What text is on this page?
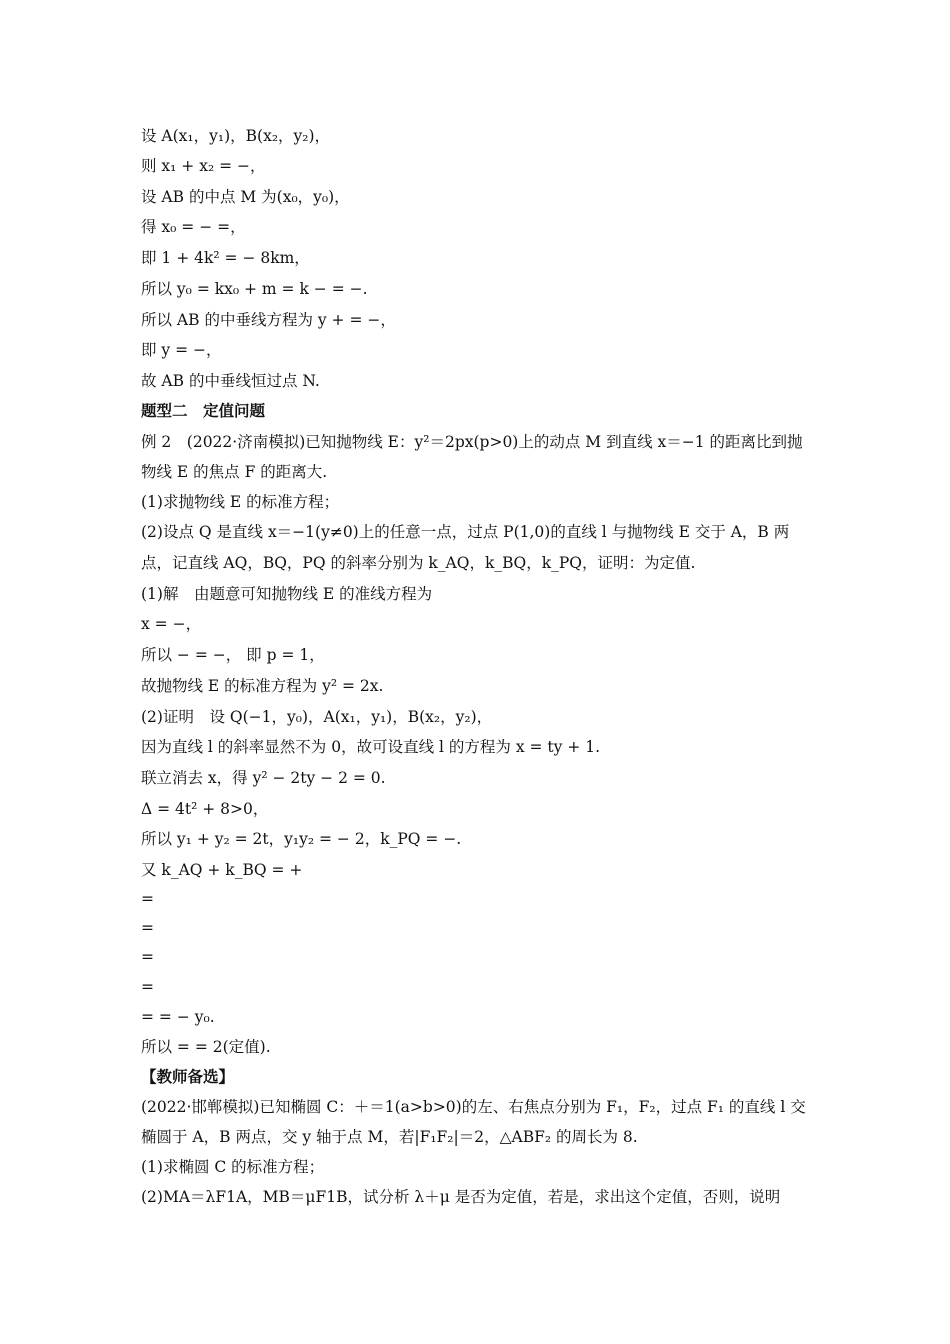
设 A(x₁，y₁)，B(x₂，y₂)，
则 x₁ + x₂ = −，
设 AB 的中点 M 为(x₀，y₀)，
得 x₀ = − =，
即 1 + 4k² = − 8km，
所以 y₀ = kx₀ + m = k − = −.
所以 AB 的中垂线方程为 y + = −，
即 y = −，
故 AB 的中垂线恒过点 N.
题型二　定值问题
例 2　(2022·济南模拟)已知抛物线 E：y²＝2px(p>0)上的动点 M 到直线 x＝−1 的距离比到抛
物线 E 的焦点 F 的距离大.
(1)求抛物线 E 的标准方程；
(2)设点 Q 是直线 x＝−1(y≠0)上的任意一点，过点 P(1,0)的直线 l 与抛物线 E 交于 A，B 两
点，记直线 AQ，BQ，PQ 的斜率分别为 k_AQ，k_BQ，k_PQ，证明：为定值.
(1)解　由题意可知抛物线 E 的准线方程为
x = −，
所以 − = −， 即 p = 1，
故抛物线 E 的标准方程为 y² = 2x.
(2)证明　设 Q(−1，y₀)，A(x₁，y₁)，B(x₂，y₂)，
因为直线 l 的斜率显然不为 0，故可设直线 l 的方程为 x = ty + 1.
联立消去 x，得 y² − 2ty − 2 = 0.
Δ = 4t² + 8>0，
所以 y₁ + y₂ = 2t，y₁y₂ = − 2，k_PQ = −.
又 k_AQ + k_BQ = +
=
=
=
=
= = − y₀.
所以 = = 2(定值).
【教师备选】
(2022·邯郸模拟)已知椭圆 C：＋＝1(a>b>0)的左、右焦点分别为 F₁，F₂，过点 F₁ 的直线 l 交
椭圆于 A，B 两点，交 y 轴于点 M，若|F₁F₂|＝2，△ABF₂ 的周长为 8.
(1)求椭圆 C 的标准方程；
(2)MA＝λF1A，MB＝μF1B，试分析 λ＋μ 是否为定值，若是，求出这个定值，否则，说明
